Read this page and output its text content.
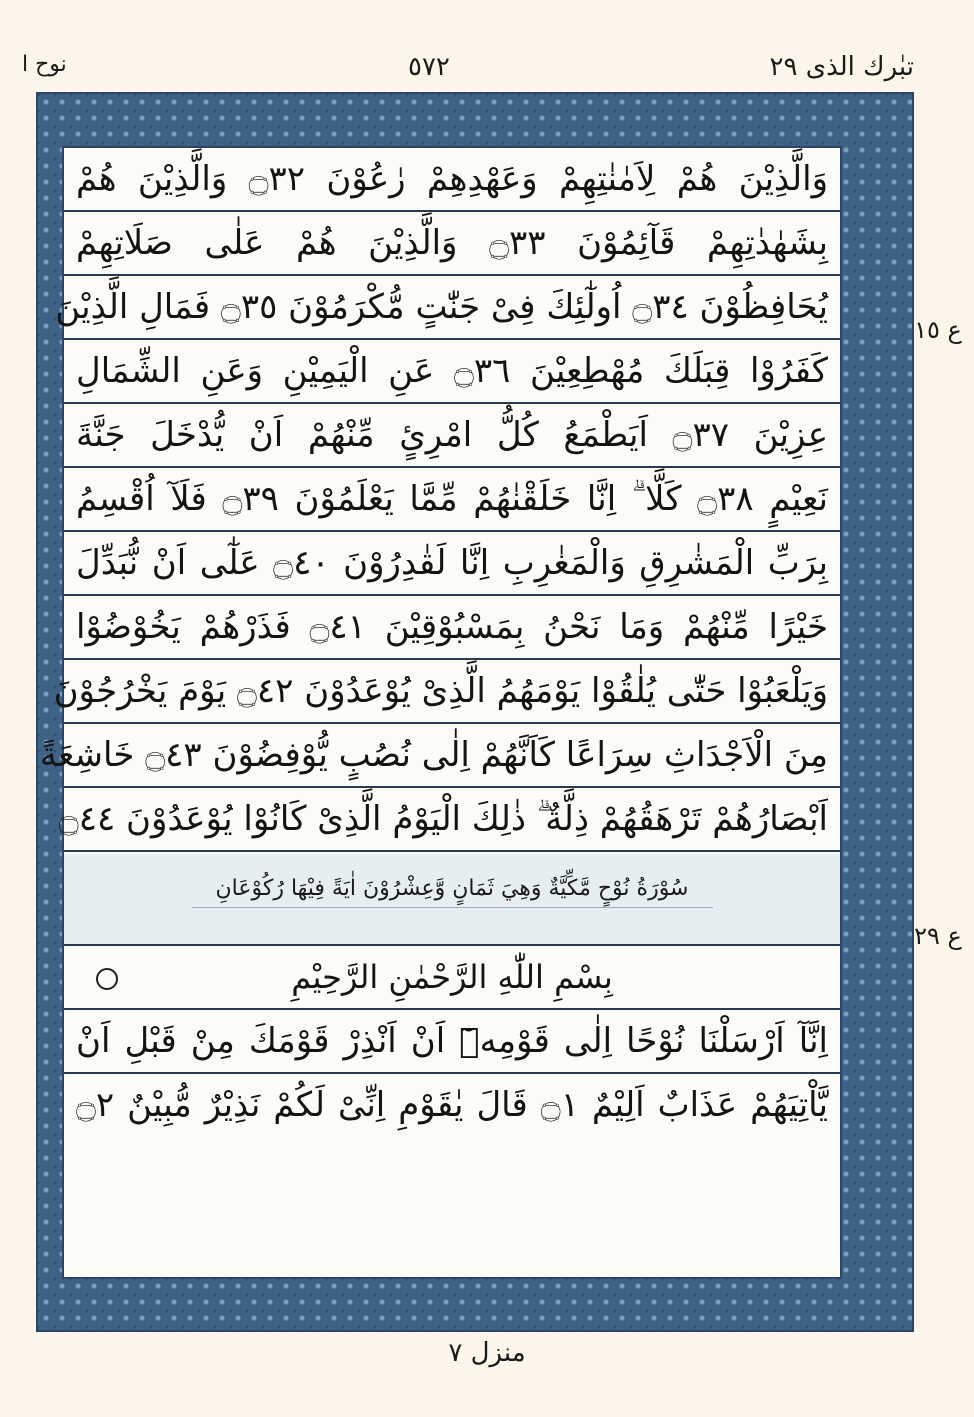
نوح ا	٥٧٢	تبٰرك الذى ٢٩
وَالَّذِيْنَ هُمْ لِاَمٰنٰتِهِمْ وَعَهْدِهِمْ رٰعُوْنَ ۝٣٢ وَالَّذِيْنَ هُمْ
بِشَهٰدٰتِهِمْ قَآئِمُوْنَ ۝٣٣ وَالَّذِيْنَ هُمْ عَلٰى صَلَاتِهِمْ
يُحَافِظُوْنَ ۝٣٤ اُولٰٓئِكَ فِىْ جَنّٰتٍ مُّكْرَمُوْنَ ۝٣٥ فَمَالِ الَّذِيْنَ
كَفَرُوْا قِبَلَكَ مُهْطِعِيْنَ ۝٣٦ عَنِ الْيَمِيْنِ وَعَنِ الشِّمَالِ
عِزِيْنَ ۝٣٧ اَيَطْمَعُ كُلُّ امْرِئٍ مِّنْهُمْ اَنْ يُّدْخَلَ جَنَّةَ
نَعِيْمٍ ۝٣٨ كَلَّا ۗ اِنَّا خَلَقْنٰهُمْ مِّمَّا يَعْلَمُوْنَ ۝٣٩ فَلَآ اُقْسِمُ
بِرَبِّ الْمَشٰرِقِ وَالْمَغٰرِبِ اِنَّا لَقٰدِرُوْنَ ۝٤٠ عَلٰٓى اَنْ نُّبَدِّلَ
خَيْرًا مِّنْهُمْ وَمَا نَحْنُ بِمَسْبُوْقِيْنَ ۝٤١ فَذَرْهُمْ يَخُوْضُوْا
وَيَلْعَبُوْا حَتّٰى يُلٰقُوْا يَوْمَهُمُ الَّذِىْ يُوْعَدُوْنَ ۝٤٢ يَوْمَ يَخْرُجُوْنَ
مِنَ الْاَجْدَاثِ سِرَاعًا كَاَنَّهُمْ اِلٰى نُصُبٍ يُّوْفِضُوْنَ ۝٤٣ خَاشِعَةً
اَبْصَارُهُمْ تَرْهَقُهُمْ ذِلَّةٌ ۗ ذٰلِكَ الْيَوْمُ الَّذِىْ كَانُوْا يُوْعَدُوْنَ ۝٤٤
سُوْرَةُ نُوْحٍ مَّكِّيَّةٌ وَهِيَ ثَمَانٍ وَّعِشْرُوْنَ اٰيَةً فِيْهَا رُكُوْعَانِ
بِسْمِ اللّٰهِ الرَّحْمٰنِ الرَّحِيْمِ
اِنَّآ اَرْسَلْنَا نُوْحًا اِلٰى قَوْمِهٖٓ اَنْ اَنْذِرْ قَوْمَكَ مِنْ قَبْلِ اَنْ
يَّاْتِيَهُمْ عَذَابٌ اَلِيْمٌ ۝١ قَالَ يٰقَوْمِ اِنِّىْ لَكُمْ نَذِيْرٌ مُّبِيْنٌ ۝٢
ع ١٥
ع ٢٩
منزل ٧
